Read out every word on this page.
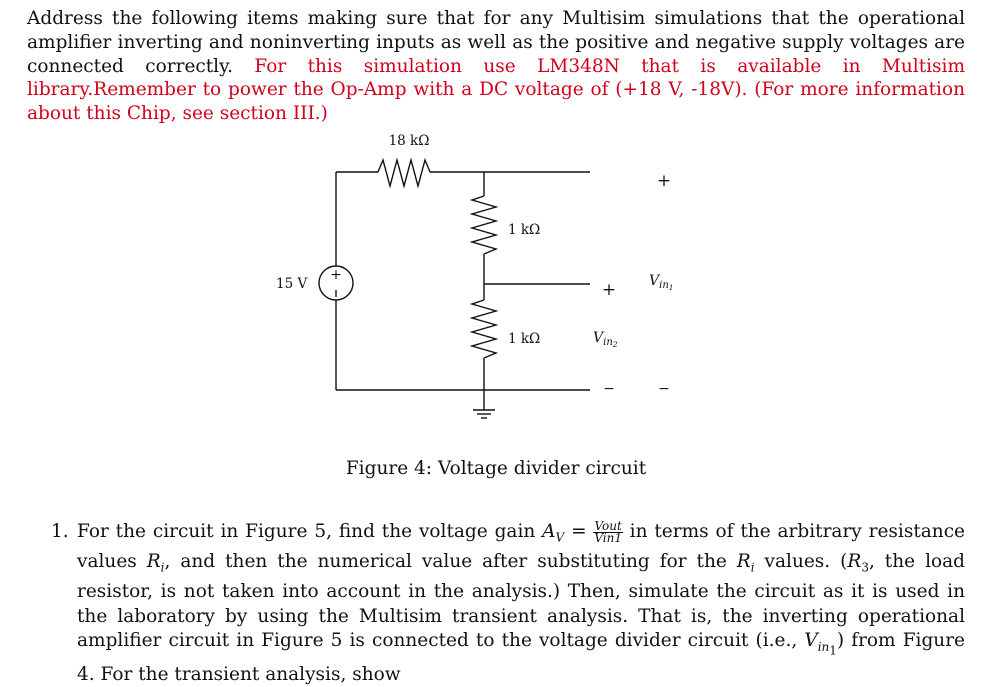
Address the following items making sure that for any Multisim simulations that the operational amplifier inverting and noninverting inputs as well as the positive and negative supply voltages are connected correctly. For this simulation use LM348N that is available in Multisim library.Remember to power the Op-Amp with a DC voltage of (+18 V, -18V). (For more information about this Chip, see section III.)
18 kΩ
1 kΩ
1 kΩ
15 V
+
+
$V_{in}1$
−
+
$V_{in}2$
−
Figure 4: Voltage divider circuit
1. For the circuit in Figure 5, find the voltage gain $A_V = \frac{\text{Vout}}{\text{Vin1}}$ in terms of the arbitrary resistance values $R_i$, and then the numerical value after substituting for the $R_i$ values. ($R_3$, the load resistor, is not taken into account in the analysis.) Then, simulate the circuit as it is used in the laboratory by using the Multisim transient analysis. That is, the inverting operational amplifier circuit in Figure 5 is connected to the voltage divider circuit (i.e., $V_{in_1}$) from Figure 4. For the transient analysis, show
